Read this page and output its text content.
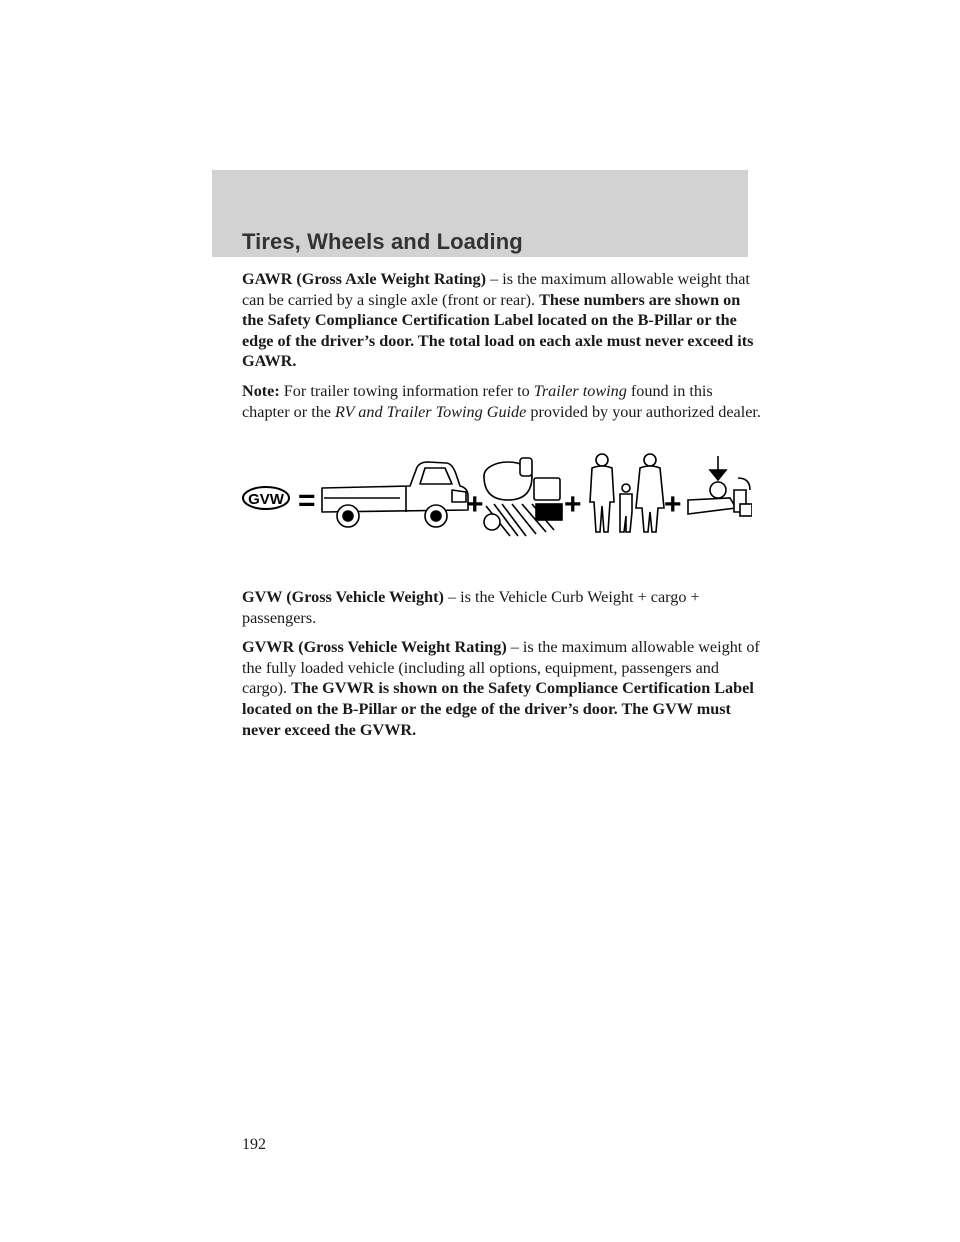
Tires, Wheels and Loading

GAWR (Gross Axle Weight Rating) – is the maximum allowable weight that can be carried by a single axle (front or rear). These numbers are shown on the Safety Compliance Certification Label located on the B-Pillar or the edge of the driver’s door. The total load on each axle must never exceed its GAWR.

Note: For trailer towing information refer to Trailer towing found in this chapter or the RV and Trailer Towing Guide provided by your authorized dealer.

GVW =	+	+	+

GVW (Gross Vehicle Weight) – is the Vehicle Curb Weight + cargo + passengers.

GVWR (Gross Vehicle Weight Rating) – is the maximum allowable weight of the fully loaded vehicle (including all options, equipment, passengers and cargo). The GVWR is shown on the Safety Compliance Certification Label located on the B-Pillar or the edge of the driver’s door. The GVW must never exceed the GVWR.

192
